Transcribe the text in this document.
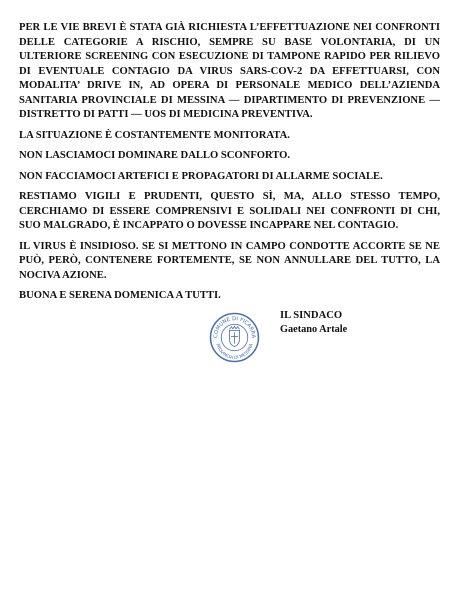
PER LE VIE BREVI È STATA GIÀ RICHIESTA L’EFFETTUAZIONE NEI CONFRONTI DELLE CATEGORIE A RISCHIO, SEMPRE SU BASE VOLONTARIA, DI UN ULTERIORE SCREENING CON ESECUZIONE DI TAMPONE RAPIDO PER RILIEVO DI EVENTUALE CONTAGIO DA VIRUS SARS-COV-2 DA EFFETTUARSI, CON MODALITA’ DRIVE IN, AD OPERA DI PERSONALE MEDICO DELL’AZIENDA SANITARIA PROVINCIALE DI MESSINA — DIPARTIMENTO DI PREVENZIONE — DISTRETTO DI PATTI — UOS DI MEDICINA PREVENTIVA.

LA SITUAZIONE È COSTANTEMENTE MONITORATA.

NON LASCIAMOCI DOMINARE DALLO SCONFORTO.

NON FACCIAMOCI ARTEFICI E PROPAGATORI DI ALLARME SOCIALE.

RESTIAMO VIGILI E PRUDENTI, QUESTO SÌ, MA, ALLO STESSO TEMPO, CERCHIAMO DI ESSERE COMPRENSIVI E SOLIDALI NEI CONFRONTI DI CHI, SUO MALGRADO, È INCAPPATO O DOVESSE INCAPPARE NEL CONTAGIO.

IL VIRUS È INSIDIOSO. SE SI METTONO IN CAMPO CONDOTTE ACCORTE SE NE PUÒ, PERÒ, CONTENERE FORTEMENTE, SE NON ANNULLARE DEL TUTTO, LA NOCIVA AZIONE.

BUONA E SERENA DOMENICA A TUTTI.

COMUNE DI FICARRA
PROVINCIA DI MESSINA
IL SINDACO
Gaetano Artale
